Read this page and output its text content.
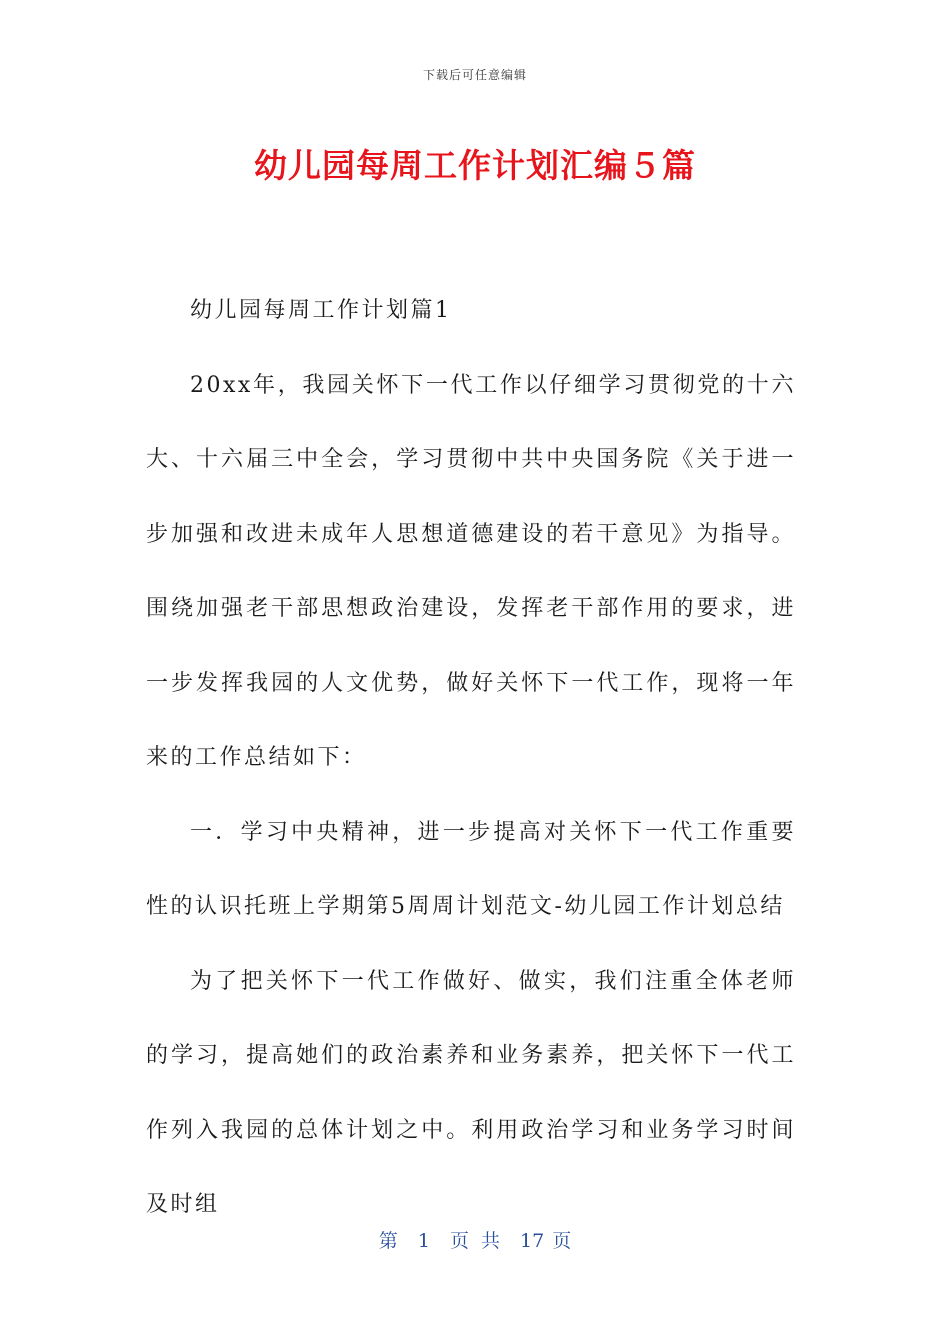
下载后可任意编辑
幼儿园每周工作计划汇编５篇

幼儿园每周工作计划篇1

20xx年，我园关怀下一代工作以仔细学习贯彻党的十六大、十六届三中全会，学习贯彻中共中央国务院《关于进一步加强和改进未成年人思想道德建设的若干意见》为指导。围绕加强老干部思想政治建设，发挥老干部作用的要求，进一步发挥我园的人文优势，做好关怀下一代工作，现将一年来的工作总结如下：

一．学习中央精神，进一步提高对关怀下一代工作重要性的认识托班上学期第5周周计划范文-幼儿园工作计划总结

为了把关怀下一代工作做好、做实，我们注重全体老师的学习，提高她们的政治素养和业务素养，把关怀下一代工作列入我园的总体计划之中。利用政治学习和业务学习时间及时组

第 1 页 共 17 页
